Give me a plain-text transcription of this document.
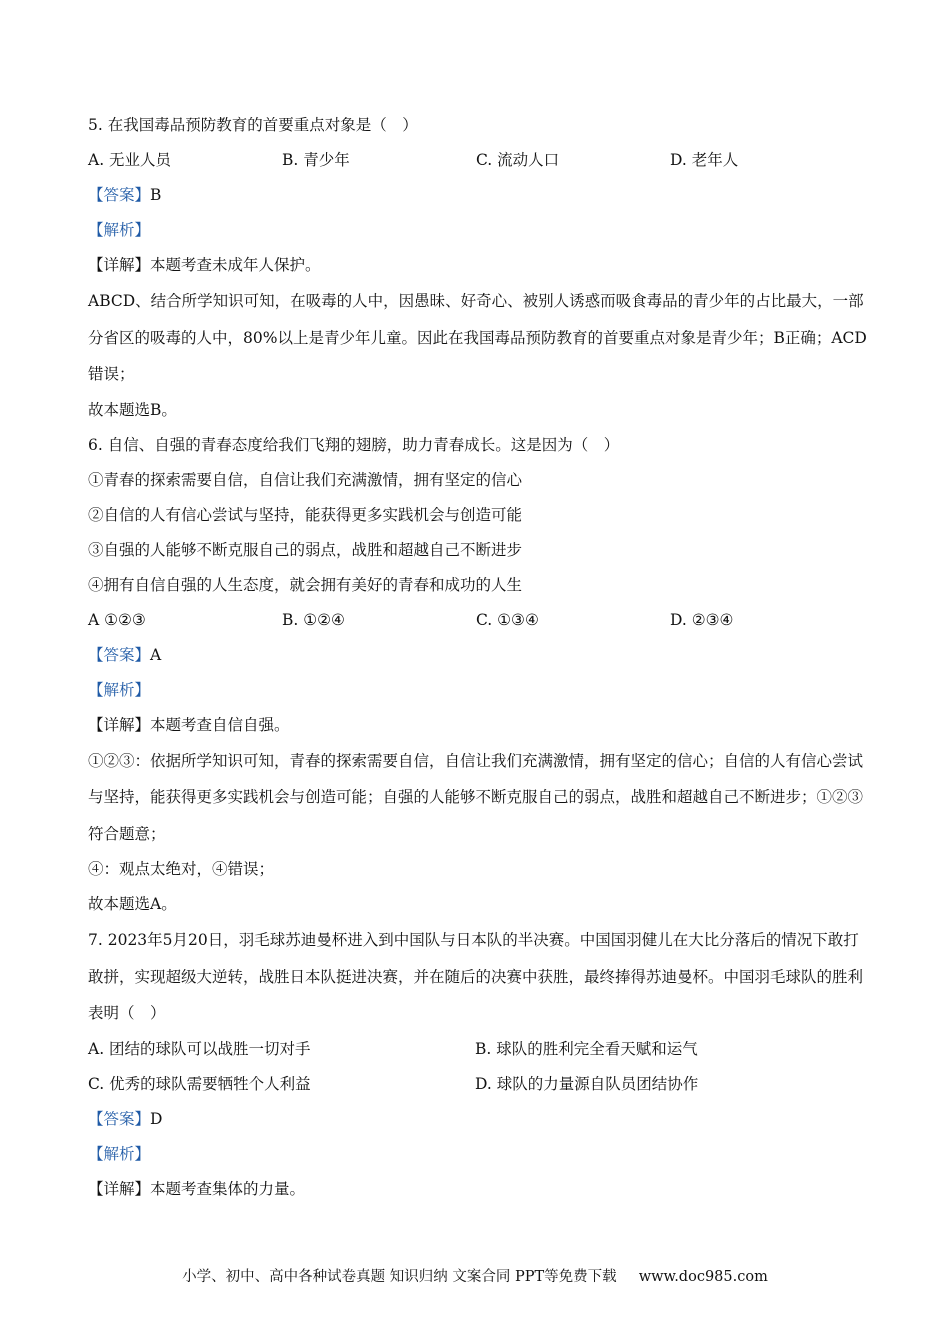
5. 在我国毒品预防教育的首要重点对象是（　）
A. 无业人员	B. 青少年	C. 流动人口	D. 老年人
【答案】B
【解析】
【详解】本题考查未成年人保护。
ABCD、结合所学知识可知，在吸毒的人中，因愚昧、好奇心、被别人诱惑而吸食毒品的青少年的占比最大，一部分省区的吸毒的人中，80%以上是青少年儿童。因此在我国毒品预防教育的首要重点对象是青少年；B正确；ACD错误；
故本题选B。
6. 自信、自强的青春态度给我们飞翔的翅膀，助力青春成长。这是因为（　）
①青春的探索需要自信，自信让我们充满激情，拥有坚定的信心
②自信的人有信心尝试与坚持，能获得更多实践机会与创造可能
③自强的人能够不断克服自己的弱点，战胜和超越自己不断进步
④拥有自信自强的人生态度，就会拥有美好的青春和成功的人生
A ①②③	B. ①②④	C. ①③④	D. ②③④
【答案】A
【解析】
【详解】本题考查自信自强。
①②③：依据所学知识可知，青春的探索需要自信，自信让我们充满激情，拥有坚定的信心；自信的人有信心尝试与坚持，能获得更多实践机会与创造可能；自强的人能够不断克服自己的弱点，战胜和超越自己不断进步；①②③符合题意；
④：观点太绝对，④错误；
故本题选A。
7. 2023年5月20日，羽毛球苏迪曼杯进入到中国队与日本队的半决赛。中国国羽健儿在大比分落后的情况下敢打敢拼，实现超级大逆转，战胜日本队挺进决赛，并在随后的决赛中获胜，最终捧得苏迪曼杯。中国羽毛球队的胜利表明（　）
A. 团结的球队可以战胜一切对手	B. 球队的胜利完全看天赋和运气
C. 优秀的球队需要牺牲个人利益	D. 球队的力量源自队员团结协作
【答案】D
【解析】
【详解】本题考查集体的力量。
小学、初中、高中各种试卷真题 知识归纳 文案合同 PPT等免费下载 www.doc985.com
